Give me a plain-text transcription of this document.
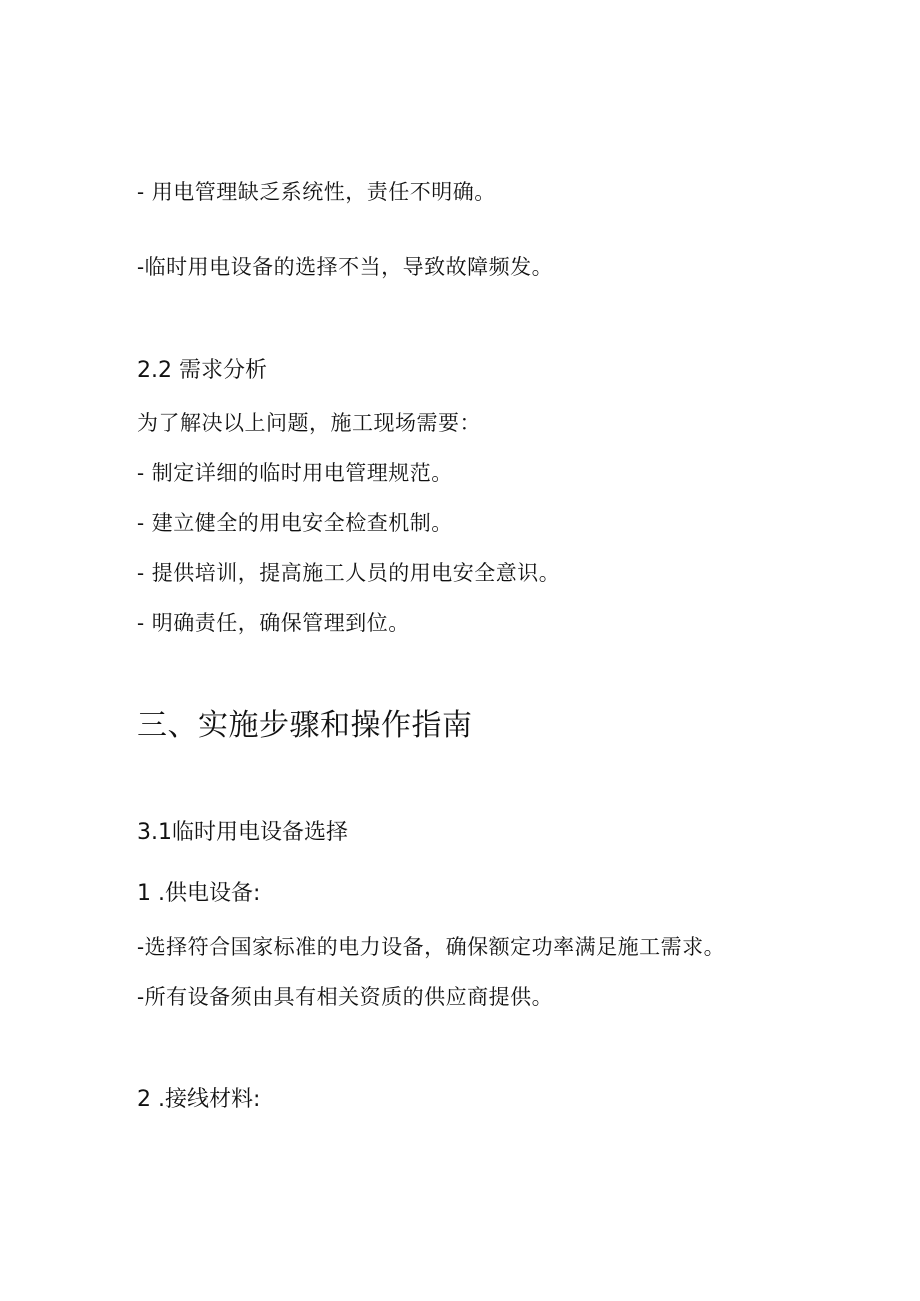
- 用电管理缺乏系统性，责任不明确。

-临时用电设备的选择不当，导致故障频发。

2.2 需求分析

为了解决以上问题，施工现场需要：

- 制定详细的临时用电管理规范。

- 建立健全的用电安全检查机制。

- 提供培训，提高施工人员的用电安全意识。

- 明确责任，确保管理到位。

三、实施步骤和操作指南
3.1临时用电设备选择
1 .供电设备:

-选择符合国家标准的电力设备，确保额定功率满足施工需求。

-所有设备须由具有相关资质的供应商提供。

2 .接线材料:
